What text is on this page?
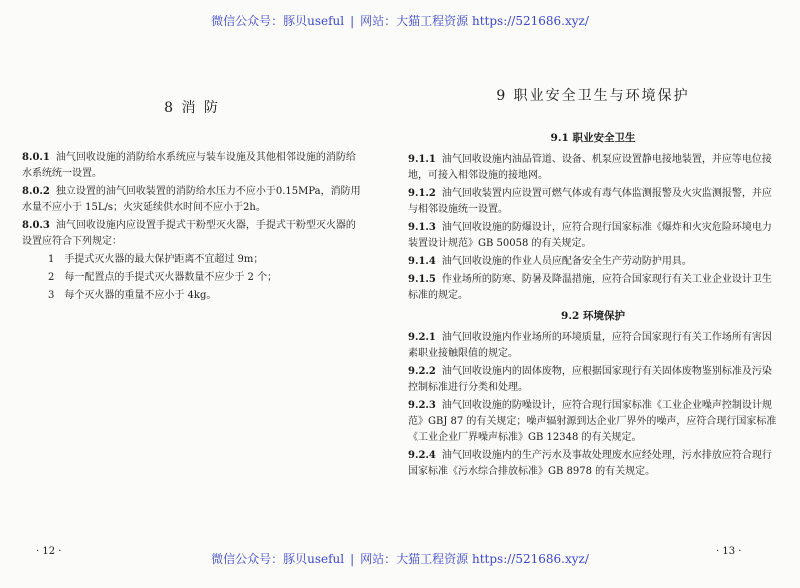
微信公众号：豚贝useful | 网站：大猫工程资源 https://521686.xyz/
8 消 防
8.0.1 油气回收设施的消防给水系统应与装车设施及其他相邻设施的消防给水系统统一设置。
8.0.2 独立设置的油气回收装置的消防给水压力不应小于0.15MPa，消防用水量不应小于 15L/s；火灾延续供水时间不应小于2h。
8.0.3 油气回收设施内应设置手提式干粉型灭火器，手提式干粉型灭火器的设置应符合下列规定：
1 手提式灭火器的最大保护距离不宜超过 9m；
2 每一配置点的手提式灭火器数量不应少于 2 个；
3 每个灭火器的重量不应小于 4kg。
9 职业安全卫生与环境保护
9.1 职业安全卫生
9.1.1 油气回收设施内油品管道、设备、机泵应设置静电接地装置，并应等电位接地，可接入相邻设施的接地网。
9.1.2 油气回收装置内应设置可燃气体或有毒气体监测报警及火灾监测报警，并应与相邻设施统一设置。
9.1.3 油气回收设施的防爆设计，应符合现行国家标准《爆炸和火灾危险环境电力装置设计规范》GB 50058 的有关规定。
9.1.4 油气回收设施的作业人员应配备安全生产劳动防护用具。
9.1.5 作业场所的防寒、防暑及降温措施，应符合国家现行有关工业企业设计卫生标准的规定。
9.2 环境保护
9.2.1 油气回收设施内作业场所的环境质量，应符合国家现行有关工作场所有害因素职业接触限值的规定。
9.2.2 油气回收设施内的固体废物，应根据国家现行有关固体废物鉴别标准及污染控制标准进行分类和处理。
9.2.3 油气回收设施的防噪设计，应符合现行国家标准《工业企业噪声控制设计规范》GBJ 87 的有关规定；噪声辐射源到达企业厂界外的噪声，应符合现行国家标准《工业企业厂界噪声标准》GB 12348 的有关规定。
9.2.4 油气回收设施内的生产污水及事故处理废水应经处理，污水排放应符合现行国家标准《污水综合排放标准》GB 8978 的有关规定。
· 12 ·	· 13 ·
微信公众号：豚贝useful | 网站：大猫工程资源 https://521686.xyz/
